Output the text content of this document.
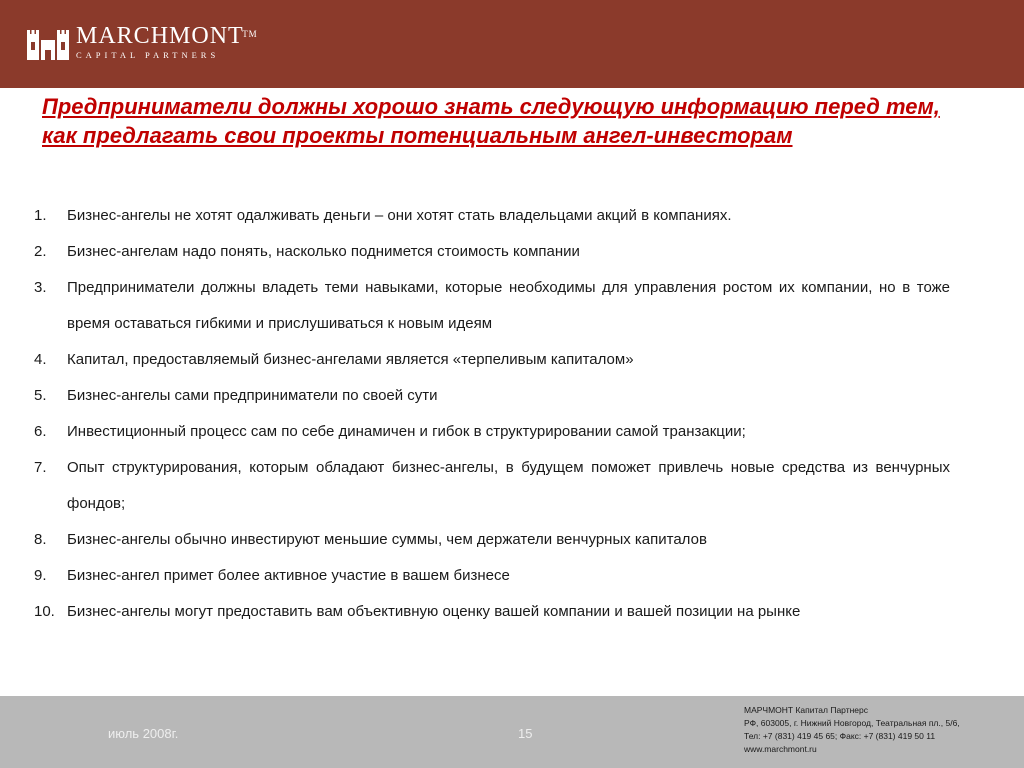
MARCHMONT
TM
CAPITAL PARTNERS
Предприниматели должны хорошо знать следующую информацию перед тем, как предлагать свои проекты потенциальным ангел-инвесторам
1. Бизнес-ангелы не хотят одалживать деньги – они хотят стать владельцами акций в компаниях.
2. Бизнес-ангелам надо понять, насколько поднимется стоимость компании
3. Предприниматели должны владеть теми навыками, которые необходимы для управления ростом их компании, но в тоже время оставаться гибкими и прислушиваться к новым идеям
4. Капитал, предоставляемый бизнес-ангелами является «терпеливым капиталом»
5. Бизнес-ангелы сами предприниматели по своей сути
6. Инвестиционный процесс сам по себе динамичен и гибок в структурировании самой транзакции;
7. Опыт структурирования, которым обладают бизнес-ангелы, в будущем поможет привлечь новые средства из венчурных фондов;
8. Бизнес-ангелы обычно инвестируют меньшие суммы, чем держатели венчурных капиталов
9. Бизнес-ангел примет более активное участие в вашем бизнесе
10. Бизнес-ангелы могут предоставить вам объективную оценку вашей компании и вашей позиции на рынке
июль 2008г.	15
МАРЧМОНТ Капитал Партнерс
РФ, 603005, г. Нижний Новгород, Театральная пл., 5/6,
Тел: +7 (831) 419 45 65; Факс: +7 (831) 419 50 11
www.marchmont.ru
